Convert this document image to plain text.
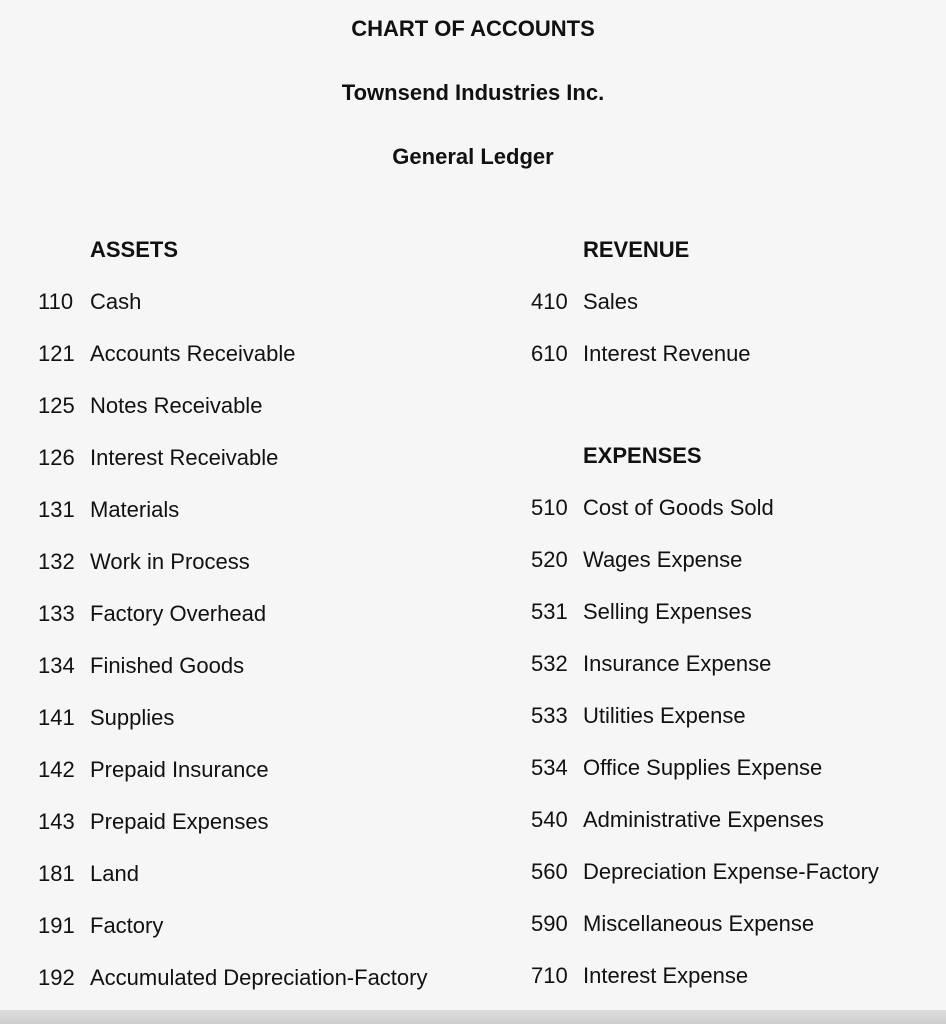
CHART OF ACCOUNTS
Townsend Industries Inc.
General Ledger
ASSETS
110 Cash
121 Accounts Receivable
125 Notes Receivable
126 Interest Receivable
131 Materials
132 Work in Process
133 Factory Overhead
134 Finished Goods
141 Supplies
142 Prepaid Insurance
143 Prepaid Expenses
181 Land
191 Factory
192 Accumulated Depreciation-Factory
REVENUE
410 Sales
610 Interest Revenue
EXPENSES
510 Cost of Goods Sold
520 Wages Expense
531 Selling Expenses
532 Insurance Expense
533 Utilities Expense
534 Office Supplies Expense
540 Administrative Expenses
560 Depreciation Expense-Factory
590 Miscellaneous Expense
710 Interest Expense
